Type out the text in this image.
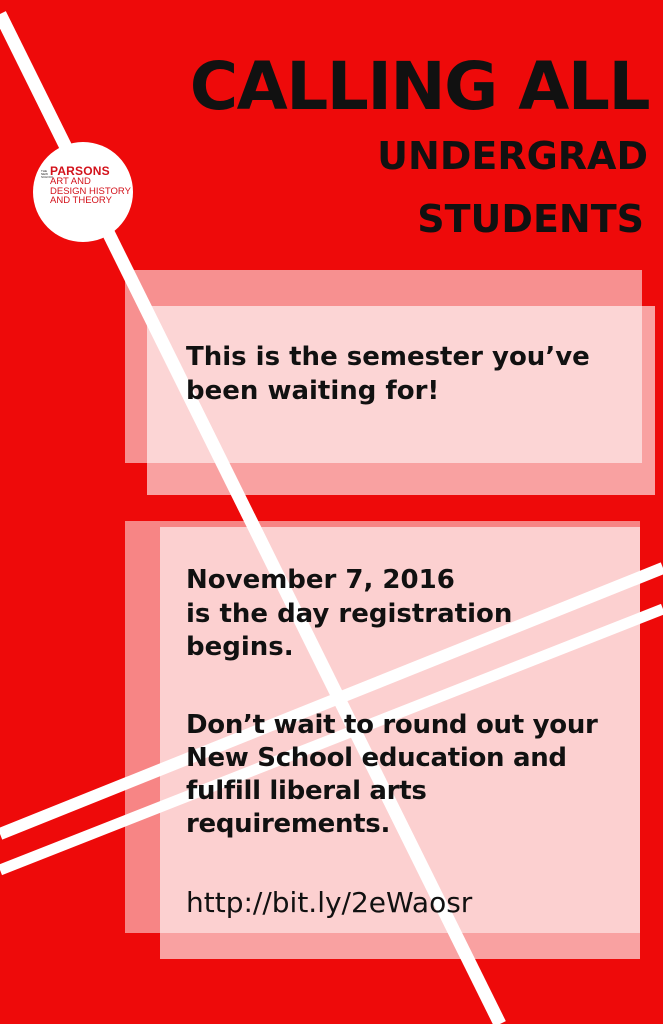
THE
NEW
SCHOOL
PARSONS
ART AND
DESIGN HISTORY
AND THEORY
CALLING ALL
UNDERGRAD
STUDENTS

This is the semester you’ve been waiting for!

November 7, 2016

is the day registration begins.

Don’t wait to round out your New School education and fulfill liberal arts requirements.

http://bit.ly/2eWaosr
